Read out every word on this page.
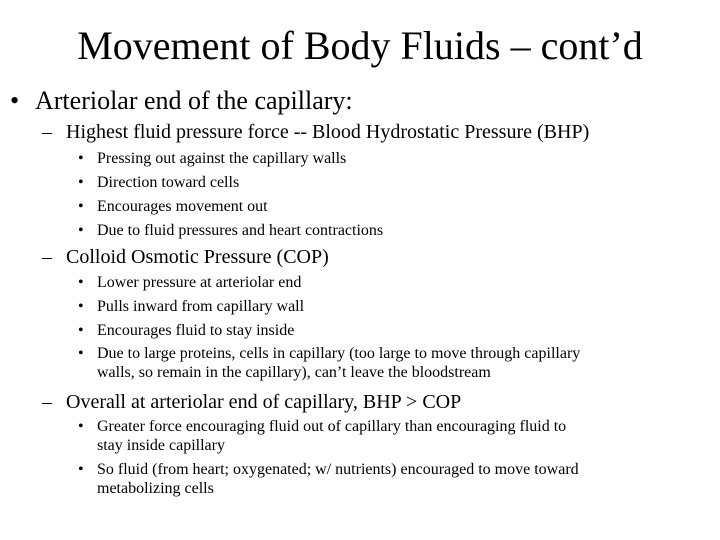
Movement of Body Fluids – cont’d
• Arteriolar end of the capillary:
– Highest fluid pressure force -- Blood Hydrostatic Pressure (BHP)
• Pressing out against the capillary walls
• Direction toward cells
• Encourages movement out
• Due to fluid pressures and heart contractions
– Colloid Osmotic Pressure (COP)
• Lower pressure at arteriolar end
• Pulls inward from capillary wall
• Encourages fluid to stay inside
• Due to large proteins, cells in capillary (too large to move through capillary
walls, so remain in the capillary), can’t leave the bloodstream
– Overall at arteriolar end of capillary, BHP > COP
• Greater force encouraging fluid out of capillary than encouraging fluid to
stay inside capillary
• So fluid (from heart; oxygenated; w/ nutrients) encouraged to move toward
metabolizing cells
